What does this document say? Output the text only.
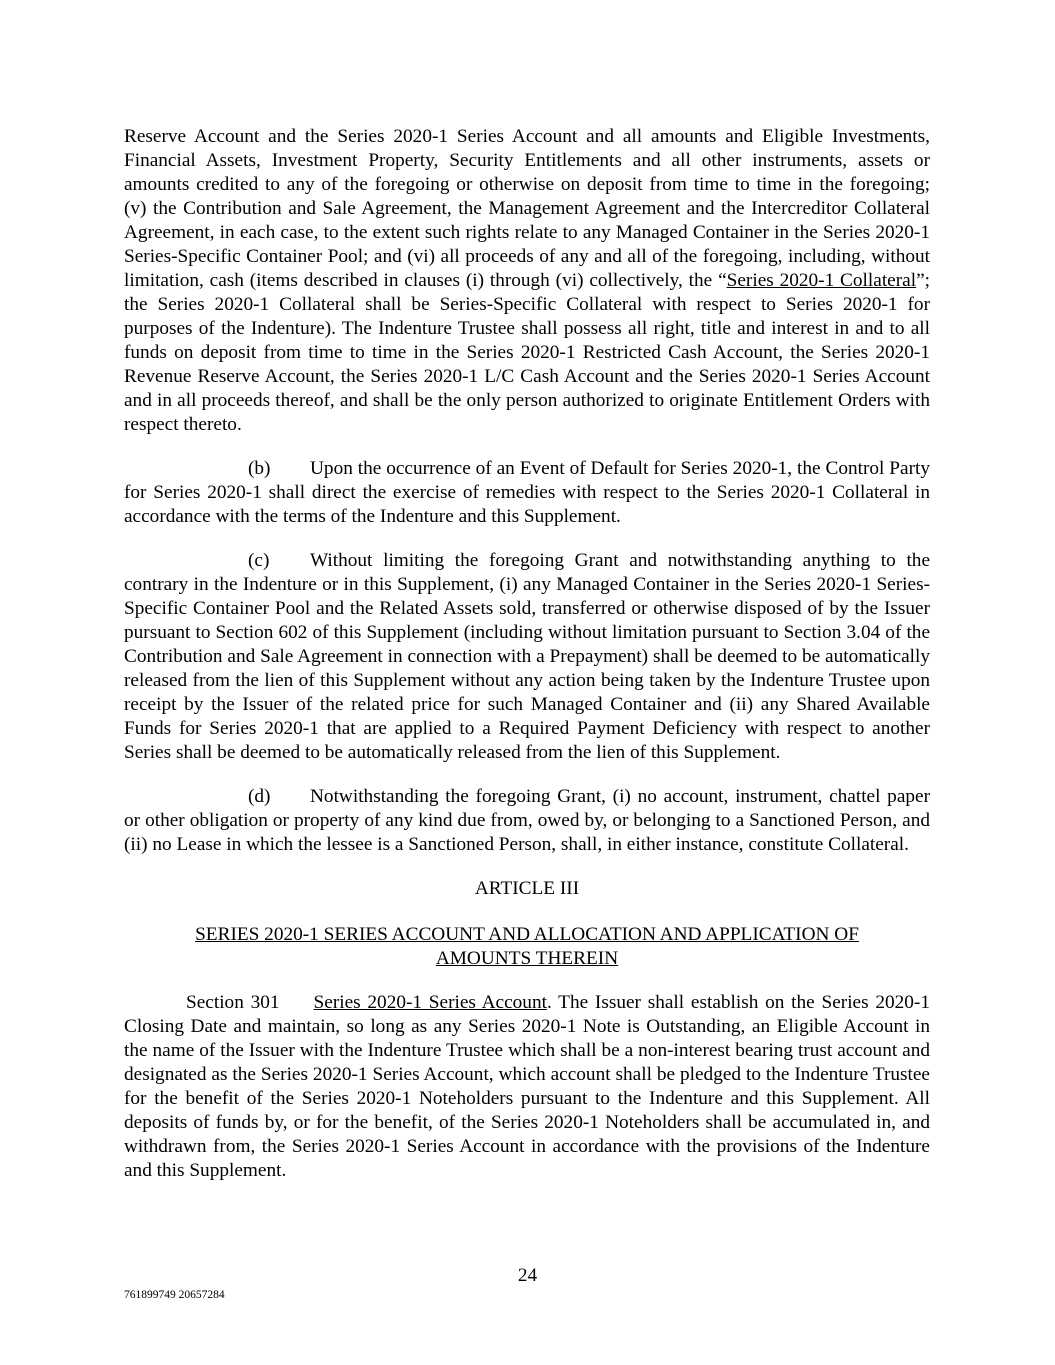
Reserve Account and the Series 2020-1 Series Account and all amounts and Eligible Investments, Financial Assets, Investment Property, Security Entitlements and all other instruments, assets or amounts credited to any of the foregoing or otherwise on deposit from time to time in the foregoing; (v) the Contribution and Sale Agreement, the Management Agreement and the Intercreditor Collateral Agreement, in each case, to the extent such rights relate to any Managed Container in the Series 2020-1 Series-Specific Container Pool; and (vi) all proceeds of any and all of the foregoing, including, without limitation, cash (items described in clauses (i) through (vi) collectively, the “Series 2020-1 Collateral”; the Series 2020-1 Collateral shall be Series-Specific Collateral with respect to Series 2020-1 for purposes of the Indenture). The Indenture Trustee shall possess all right, title and interest in and to all funds on deposit from time to time in the Series 2020-1 Restricted Cash Account, the Series 2020-1 Revenue Reserve Account, the Series 2020-1 L/C Cash Account and the Series 2020-1 Series Account and in all proceeds thereof, and shall be the only person authorized to originate Entitlement Orders with respect thereto.

(b) Upon the occurrence of an Event of Default for Series 2020-1, the Control Party for Series 2020-1 shall direct the exercise of remedies with respect to the Series 2020-1 Collateral in accordance with the terms of the Indenture and this Supplement.

(c) Without limiting the foregoing Grant and notwithstanding anything to the contrary in the Indenture or in this Supplement, (i) any Managed Container in the Series 2020-1 Series-Specific Container Pool and the Related Assets sold, transferred or otherwise disposed of by the Issuer pursuant to Section 602 of this Supplement (including without limitation pursuant to Section 3.04 of the Contribution and Sale Agreement in connection with a Prepayment) shall be deemed to be automatically released from the lien of this Supplement without any action being taken by the Indenture Trustee upon receipt by the Issuer of the related price for such Managed Container and (ii) any Shared Available Funds for Series 2020-1 that are applied to a Required Payment Deficiency with respect to another Series shall be deemed to be automatically released from the lien of this Supplement.

(d) Notwithstanding the foregoing Grant, (i) no account, instrument, chattel paper or other obligation or property of any kind due from, owed by, or belonging to a Sanctioned Person, and (ii) no Lease in which the lessee is a Sanctioned Person, shall, in either instance, constitute Collateral.

ARTICLE III

SERIES 2020-1 SERIES ACCOUNT AND ALLOCATION AND APPLICATION OF AMOUNTS THEREIN

Section 301 Series 2020-1 Series Account. The Issuer shall establish on the Series 2020-1 Closing Date and maintain, so long as any Series 2020-1 Note is Outstanding, an Eligible Account in the name of the Issuer with the Indenture Trustee which shall be a non-interest bearing trust account and designated as the Series 2020-1 Series Account, which account shall be pledged to the Indenture Trustee for the benefit of the Series 2020-1 Noteholders pursuant to the Indenture and this Supplement. All deposits of funds by, or for the benefit, of the Series 2020-1 Noteholders shall be accumulated in, and withdrawn from, the Series 2020-1 Series Account in accordance with the provisions of the Indenture and this Supplement.

24
761899749 20657284
